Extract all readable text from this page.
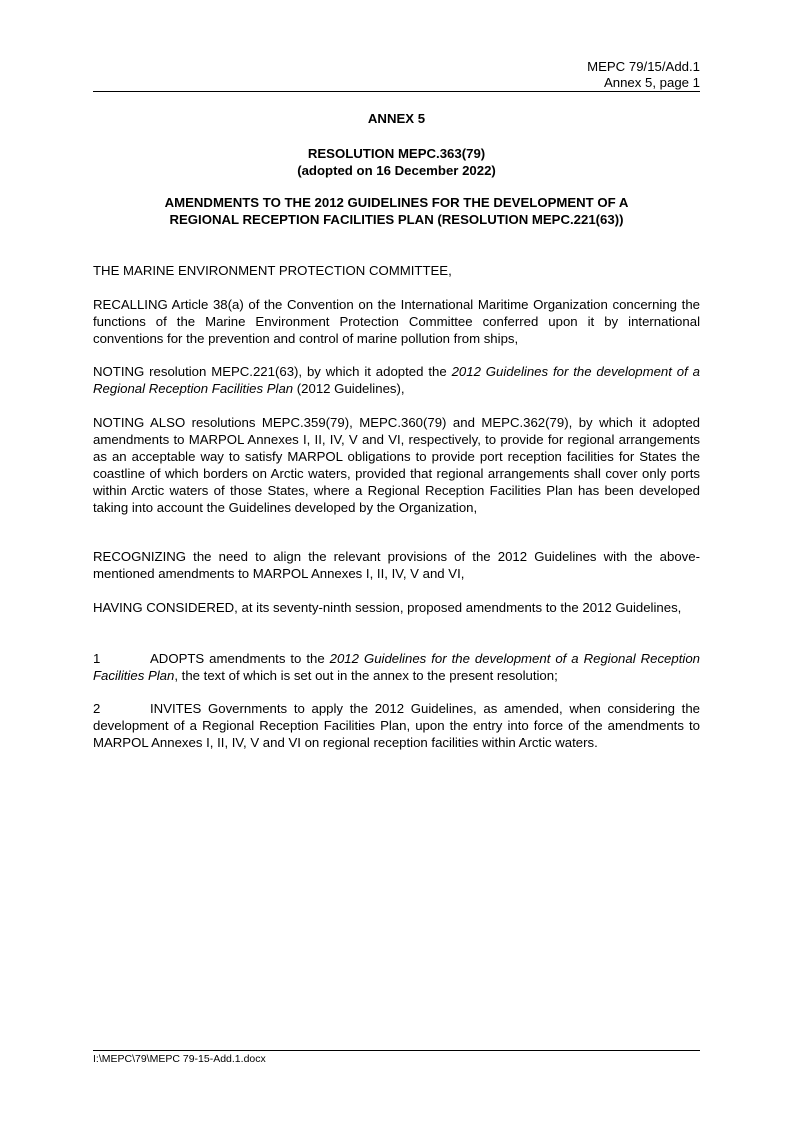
MEPC 79/15/Add.1
Annex 5, page 1
ANNEX 5
RESOLUTION MEPC.363(79)
(adopted on 16 December 2022)
AMENDMENTS TO THE 2012 GUIDELINES FOR THE DEVELOPMENT OF A
REGIONAL RECEPTION FACILITIES PLAN (RESOLUTION MEPC.221(63))

THE MARINE ENVIRONMENT PROTECTION COMMITTEE,

RECALLING Article 38(a) of the Convention on the International Maritime Organization concerning the functions of the Marine Environment Protection Committee conferred upon it by international conventions for the prevention and control of marine pollution from ships,

NOTING resolution MEPC.221(63), by which it adopted the 2012 Guidelines for the development of a Regional Reception Facilities Plan (2012 Guidelines),

NOTING ALSO resolutions MEPC.359(79), MEPC.360(79) and MEPC.362(79), by which it adopted amendments to MARPOL Annexes I, II, IV, V and VI, respectively, to provide for regional arrangements as an acceptable way to satisfy MARPOL obligations to provide port reception facilities for States the coastline of which borders on Arctic waters, provided that regional arrangements shall cover only ports within Arctic waters of those States, where a Regional Reception Facilities Plan has been developed taking into account the Guidelines developed by the Organization,

RECOGNIZING the need to align the relevant provisions of the 2012 Guidelines with the above-mentioned amendments to MARPOL Annexes I, II, IV, V and VI,

HAVING CONSIDERED, at its seventy-ninth session, proposed amendments to the 2012 Guidelines,

1	ADOPTS amendments to the 2012 Guidelines for the development of a Regional Reception Facilities Plan, the text of which is set out in the annex to the present resolution;

2	INVITES Governments to apply the 2012 Guidelines, as amended, when considering the development of a Regional Reception Facilities Plan, upon the entry into force of the amendments to MARPOL Annexes I, II, IV, V and VI on regional reception facilities within Arctic waters.

I:\MEPC\79\MEPC 79-15-Add.1.docx
